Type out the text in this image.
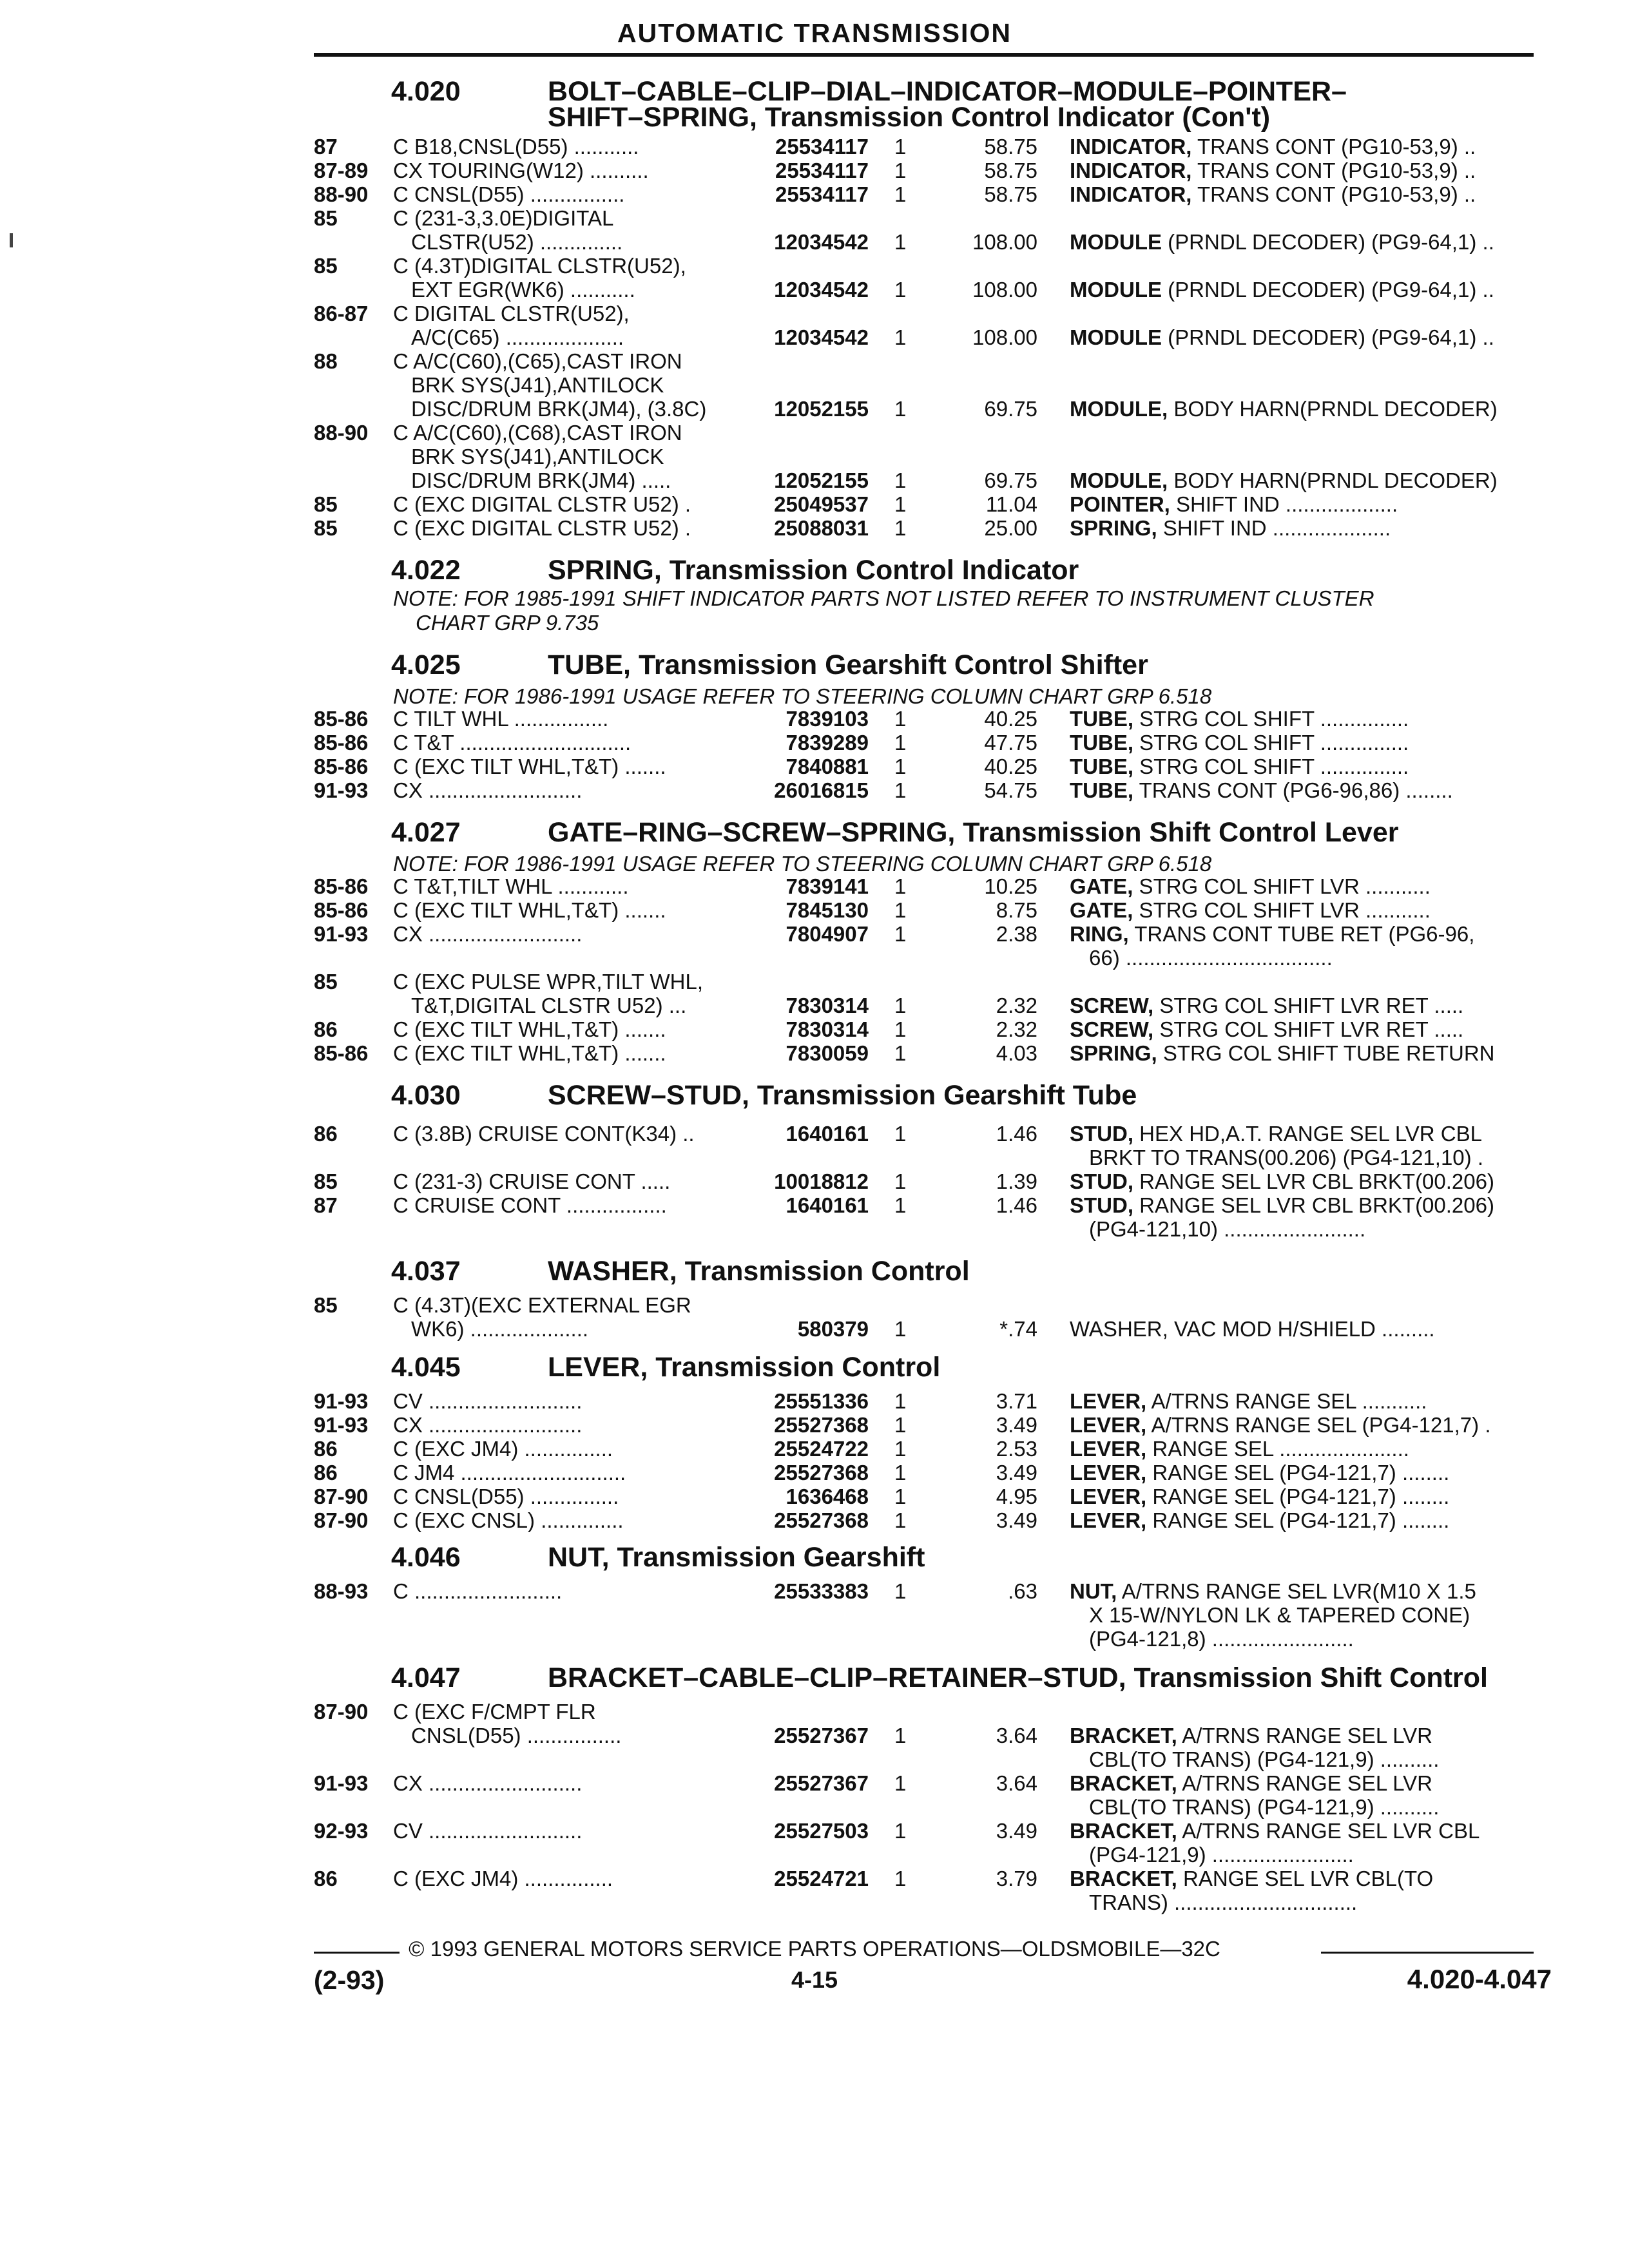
AUTOMATIC TRANSMISSION
4.020	BOLT–CABLE–CLIP–DIAL–INDICATOR–MODULE–POINTER–
SHIFT–SPRING, Transmission Control Indicator (Con't)
87	C B18,CNSL(D55) ...........	25534117 1	58.75 INDICATOR, TRANS CONT (PG10-53,9) ..
87-89 CX TOURING(W12) ..........	25534117 1	58.75 INDICATOR, TRANS CONT (PG10-53,9) ..
88-90 C CNSL(D55) ................	25534117 1	58.75 INDICATOR, TRANS CONT (PG10-53,9) ..
85	C (231-3,3.0E)DIGITAL
CLSTR(U52) ..............	12034542 1	108.00 MODULE (PRNDL DECODER) (PG9-64,1) ..
85	C (4.3T)DIGITAL CLSTR(U52),
EXT EGR(WK6) ...........	12034542 1	108.00 MODULE (PRNDL DECODER) (PG9-64,1) ..
86-87 C DIGITAL CLSTR(U52),
A/C(C65) ....................	12034542 1	108.00 MODULE (PRNDL DECODER) (PG9-64,1) ..
88	C A/C(C60),(C65),CAST IRON
BRK SYS(J41),ANTILOCK
DISC/DRUM BRK(JM4), (3.8C)	12052155 1	69.75 MODULE, BODY HARN(PRNDL DECODER)
88-90 C A/C(C60),(C68),CAST IRON
BRK SYS(J41),ANTILOCK
DISC/DRUM BRK(JM4) .....	12052155 1	69.75 MODULE, BODY HARN(PRNDL DECODER)
85	C (EXC DIGITAL CLSTR U52) .	25049537 1	11.04 POINTER, SHIFT IND ...................
85	C (EXC DIGITAL CLSTR U52) .	25088031 1	25.00 SPRING, SHIFT IND ....................
4.022	SPRING, Transmission Control Indicator
NOTE: FOR 1985-1991 SHIFT INDICATOR PARTS NOT LISTED REFER TO INSTRUMENT CLUSTER
CHART GRP 9.735
4.025	TUBE, Transmission Gearshift Control Shifter
NOTE: FOR 1986-1991 USAGE REFER TO STEERING COLUMN CHART GRP 6.518
85-86 C TILT WHL ................	7839103 1	40.25 TUBE, STRG COL SHIFT ...............
85-86 C T&T .............................	7839289 1	47.75 TUBE, STRG COL SHIFT ...............
85-86 C (EXC TILT WHL,T&T) .......	7840881 1	40.25 TUBE, STRG COL SHIFT ...............
91-93 CX ..........................	26016815 1	54.75 TUBE, TRANS CONT (PG6-96,86) ........
4.027	GATE–RING–SCREW–SPRING, Transmission Shift Control Lever
NOTE: FOR 1986-1991 USAGE REFER TO STEERING COLUMN CHART GRP 6.518
85-86 C T&T,TILT WHL ............	7839141 1	10.25 GATE, STRG COL SHIFT LVR ...........
85-86 C (EXC TILT WHL,T&T) .......	7845130 1	8.75 GATE, STRG COL SHIFT LVR ...........
91-93 CX ..........................	7804907 1	2.38 RING, TRANS CONT TUBE RET (PG6-96,
66) ...................................
85	C (EXC PULSE WPR,TILT WHL,
T&T,DIGITAL CLSTR U52) ...	7830314 1	2.32 SCREW, STRG COL SHIFT LVR RET .....
86	C (EXC TILT WHL,T&T) .......	7830314 1	2.32 SCREW, STRG COL SHIFT LVR RET .....
85-86 C (EXC TILT WHL,T&T) .......	7830059 1	4.03 SPRING, STRG COL SHIFT TUBE RETURN
4.030	SCREW–STUD, Transmission Gearshift Tube
86	C (3.8B) CRUISE CONT(K34) ..	1640161 1	1.46 STUD, HEX HD,A.T. RANGE SEL LVR CBL
BRKT TO TRANS(00.206) (PG4-121,10) .
85	C (231-3) CRUISE CONT .....	10018812 1	1.39 STUD, RANGE SEL LVR CBL BRKT(00.206)
87	C CRUISE CONT .................	1640161 1	1.46 STUD, RANGE SEL LVR CBL BRKT(00.206)
(PG4-121,10) ........................
4.037	WASHER, Transmission Control
85	C (4.3T)(EXC EXTERNAL EGR
WK6) ....................	580379 1	*.74 WASHER, VAC MOD H/SHIELD .........
4.045	LEVER, Transmission Control
91-93 CV ..........................	25551336 1	3.71 LEVER, A/TRNS RANGE SEL ...........
91-93 CX ..........................	25527368 1	3.49 LEVER, A/TRNS RANGE SEL (PG4-121,7) .
86	C (EXC JM4) ...............	25524722 1	2.53 LEVER, RANGE SEL ......................
86	C JM4 ............................	25527368 1	3.49 LEVER, RANGE SEL (PG4-121,7) ........
87-90 C CNSL(D55) ...............	1636468 1	4.95 LEVER, RANGE SEL (PG4-121,7) ........
87-90 C (EXC CNSL) ..............	25527368 1	3.49 LEVER, RANGE SEL (PG4-121,7) ........
4.046	NUT, Transmission Gearshift
88-93 C .........................	25533383 1	.63 NUT, A/TRNS RANGE SEL LVR(M10 X 1.5
X 15-W/NYLON LK & TAPERED CONE)
(PG4-121,8) ........................
4.047	BRACKET–CABLE–CLIP–RETAINER–STUD, Transmission Shift Control
87-90 C (EXC F/CMPT FLR
CNSL(D55) ................	25527367 1	3.64 BRACKET, A/TRNS RANGE SEL LVR
CBL(TO TRANS) (PG4-121,9) ..........
91-93 CX ..........................	25527367 1	3.64 BRACKET, A/TRNS RANGE SEL LVR
CBL(TO TRANS) (PG4-121,9) ..........
92-93 CV ..........................	25527503 1	3.49 BRACKET, A/TRNS RANGE SEL LVR CBL
(PG4-121,9) ........................
86	C (EXC JM4) ...............	25524721 1	3.79 BRACKET, RANGE SEL LVR CBL(TO
TRANS) ...............................
© 1993 GENERAL MOTORS SERVICE PARTS OPERATIONS—OLDSMOBILE—32C
(2-93)	4-15	4.020-4.047
